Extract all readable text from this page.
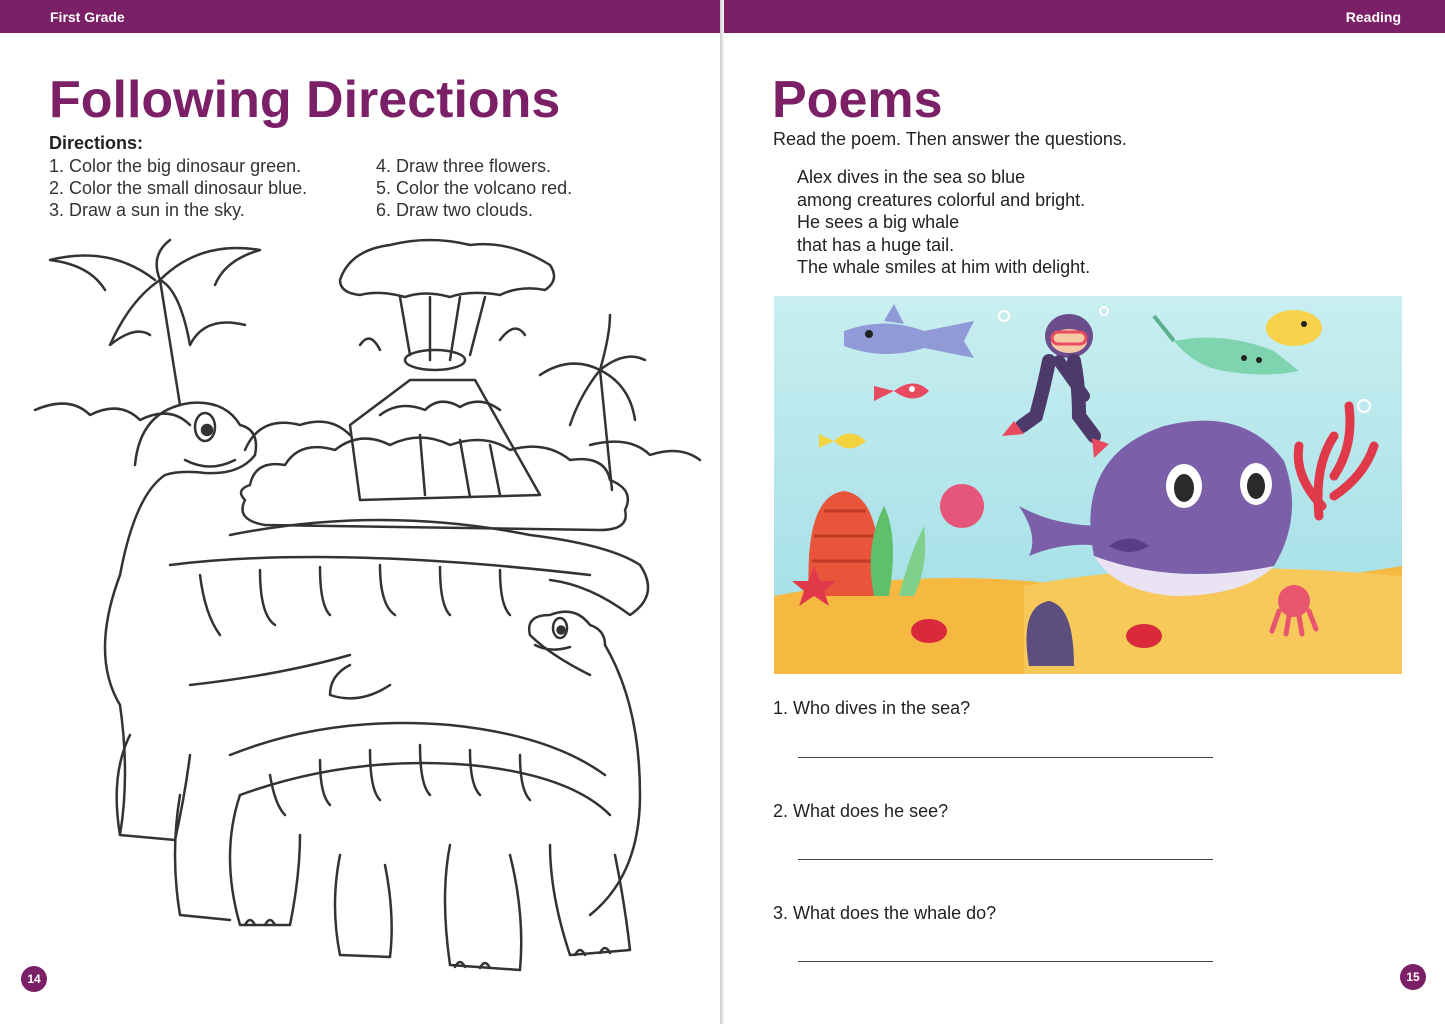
First Grade
Following Directions
Directions:
1. Color the big dinosaur green.
2. Color the small dinosaur blue.
3. Draw a sun in the sky.
4. Draw three flowers.
5. Color the volcano red.
6. Draw two clouds.
14
Reading
Poems
Read the poem. Then answer the questions.
Alex dives in the sea so blue
among creatures colorful and bright.
He sees a big whale
that has a huge tail.
The whale smiles at him with delight.
1. Who dives in the sea?
2. What does he see?
3. What does the whale do?
15
